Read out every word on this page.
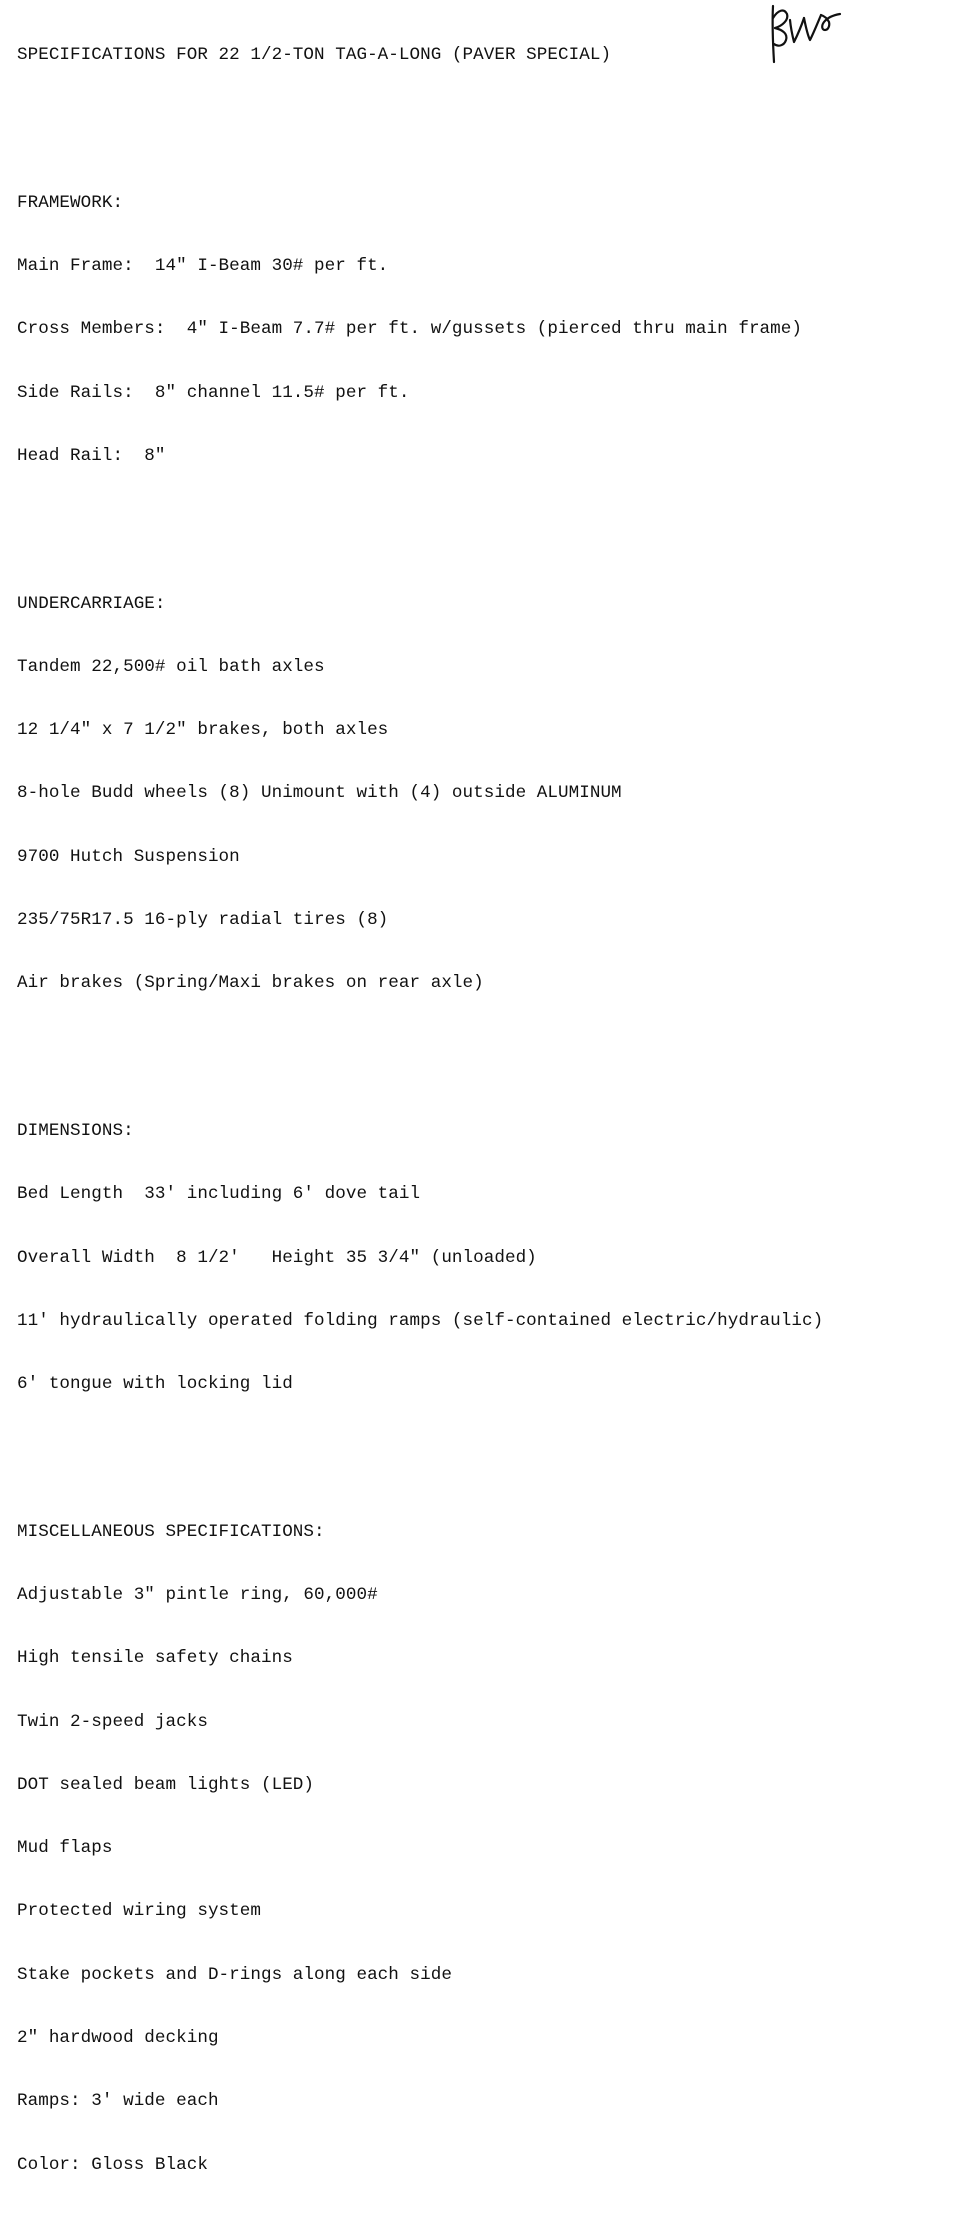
SPECIFICATIONS FOR 22 1/2-TON TAG-A-LONG (PAVER SPECIAL)

FRAMEWORK:

Main Frame:  14" I-Beam 30# per ft.

Cross Members:  4" I-Beam 7.7# per ft. w/gussets (pierced thru main frame)

Side Rails:  8" channel 11.5# per ft.

Head Rail:  8"

UNDERCARRIAGE:

Tandem 22,500# oil bath axles

12 1/4" x 7 1/2" brakes, both axles

8-hole Budd wheels (8) Unimount with (4) outside ALUMINUM

9700 Hutch Suspension

235/75R17.5 16-ply radial tires (8)

Air brakes (Spring/Maxi brakes on rear axle)

DIMENSIONS:

Bed Length  33' including 6' dove tail

Overall Width  8 1/2'   Height 35 3/4" (unloaded)

11' hydraulically operated folding ramps (self-contained electric/hydraulic)

6' tongue with locking lid

MISCELLANEOUS SPECIFICATIONS:

Adjustable 3" pintle ring, 60,000#

High tensile safety chains

Twin 2-speed jacks

DOT sealed beam lights (LED)

Mud flaps

Protected wiring system

Stake pockets and D-rings along each side

2" hardwood decking

Ramps: 3' wide each

Color: Gloss Black
